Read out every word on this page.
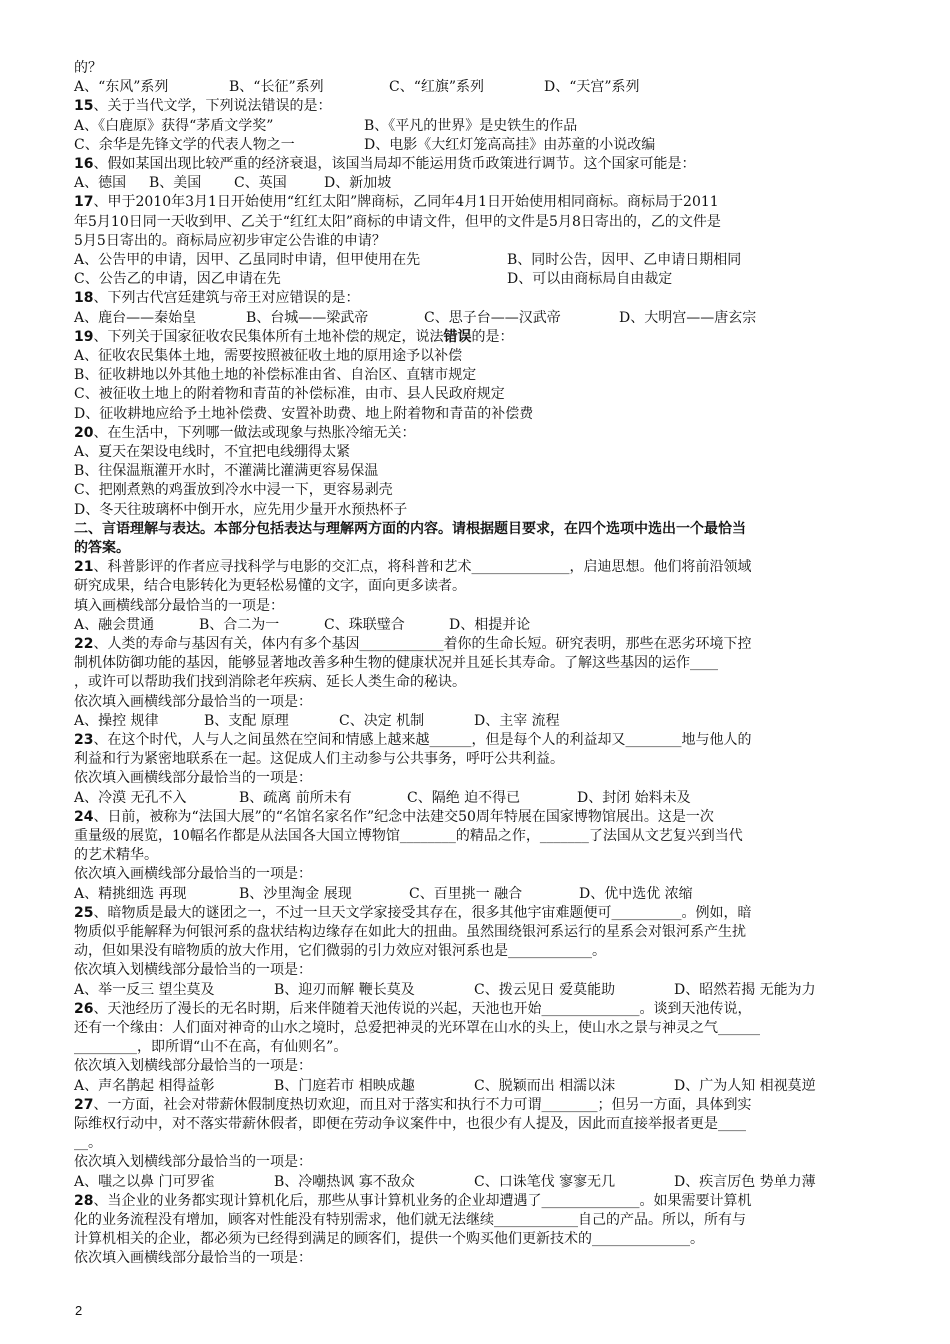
的？
A、“东风”系列	B、“长征”系列	C、“红旗”系列	D、“天宫”系列
15、关于当代文学，下列说法错误的是：
A、《白鹿原》获得“茅盾文学奖”	B、《平凡的世界》是史铁生的作品
C、余华是先锋文学的代表人物之一	D、电影《大红灯笼高高挂》由苏童的小说改编
16、假如某国出现比较严重的经济衰退，该国当局却不能运用货币政策进行调节。这个国家可能是：
A、德国 B、美国 C、英国	D、新加坡
17、甲于2010年3月1日开始使用“红红太阳”牌商标，乙同年4月1日开始使用相同商标。商标局于2011
年5月10日同一天收到甲、乙关于“红红太阳”商标的申请文件，但甲的文件是5月8日寄出的，乙的文件是
5月5日寄出的。商标局应初步审定公告谁的申请？
A、公告甲的申请，因甲、乙虽同时申请，但甲使用在先	B、同时公告，因甲、乙申请日期相同
C、公告乙的申请，因乙申请在先	D、可以由商标局自由裁定
18、下列古代宫廷建筑与帝王对应错误的是：
A、鹿台——秦始皇	B、台城——梁武帝	C、思子台——汉武帝	D、大明宫——唐玄宗
19、下列关于国家征收农民集体所有土地补偿的规定，说法错误的是：
A、征收农民集体土地，需要按照被征收土地的原用途予以补偿
B、征收耕地以外其他土地的补偿标准由省、自治区、直辖市规定
C、被征收土地上的附着物和青苗的补偿标准，由市、县人民政府规定
D、征收耕地应给予土地补偿费、安置补助费、地上附着物和青苗的补偿费
20、在生活中，下列哪一做法或现象与热胀冷缩无关：
A、夏天在架设电线时，不宜把电线绷得太紧
B、往保温瓶灌开水时，不灌满比灌满更容易保温
C、把刚煮熟的鸡蛋放到冷水中浸一下，更容易剥壳
D、冬天往玻璃杯中倒开水，应先用少量开水预热杯子
二、言语理解与表达。本部分包括表达与理解两方面的内容。请根据题目要求，在四个选项中选出一个最恰当
的答案。
21、科普影评的作者应寻找科学与电影的交汇点，将科普和艺术______________，启迪思想。他们将前沿领域
研究成果，结合电影转化为更轻松易懂的文字，面向更多读者。
填入画横线部分最恰当的一项是：
A、融会贯通	B、合二为一	C、珠联璧合	D、相提并论
22、人类的寿命与基因有关，体内有多个基因____________着你的生命长短。研究表明，那些在恶劣环境下控
制机体防御功能的基因，能够显著地改善多种生物的健康状况并且延长其寿命。了解这些基因的运作____
，或许可以帮助我们找到消除老年疾病、延长人类生命的秘诀。
依次填入画横线部分最恰当的一项是：
A、操控 规律	B、支配 原理	C、决定 机制	D、主宰 流程
23、在这个时代，人与人之间虽然在空间和情感上越来越______，但是每个人的利益却又________地与他人的
利益和行为紧密地联系在一起。这促成人们主动参与公共事务，呼吁公共利益。
依次填入画横线部分最恰当的一项是：
A、冷漠 无孔不入	B、疏离 前所未有	C、隔绝 迫不得已	D、封闭 始料未及
24、日前，被称为“法国大展”的“名馆名家名作”纪念中法建交50周年特展在国家博物馆展出。这是一次
重量级的展览，10幅名作都是从法国各大国立博物馆________的精品之作，_______了法国从文艺复兴到当代
的艺术精华。
依次填入画横线部分最恰当的一项是：
A、精挑细选 再现	B、沙里淘金 展现	C、百里挑一 融合	D、优中选优 浓缩
25、暗物质是最大的谜团之一，不过一旦天文学家接受其存在，很多其他宇宙难题便可__________。例如，暗
物质似乎能解释为何银河系的盘状结构边缘存在如此大的扭曲。虽然围绕银河系运行的星系会对银河系产生扰
动，但如果没有暗物质的放大作用，它们微弱的引力效应对银河系也是____________。
依次填入划横线部分最恰当的一项是：
A、举一反三 望尘莫及	B、迎刃而解 鞭长莫及	C、拨云见日 爱莫能助	D、昭然若揭 无能为力
26、天池经历了漫长的无名时期，后来伴随着天池传说的兴起，天池也开始______________。谈到天池传说，
还有一个缘由：人们面对神奇的山水之境时，总爱把神灵的光环罩在山水的头上，使山水之景与神灵之气______
_________，即所谓“山不在高，有仙则名”。
依次填入划横线部分最恰当的一项是：
A、声名鹊起 相得益彰	B、门庭若市 相映成趣	C、脱颖而出 相濡以沫	D、广为人知 相视莫逆
27、一方面，社会对带薪休假制度热切欢迎，而且对于落实和执行不力可谓________；但另一方面，具体到实
际维权行动中，对不落实带薪休假者，即便在劳动争议案件中，也很少有人提及，因此而直接举报者更是____
__。
依次填入划横线部分最恰当的一项是：
A、嗤之以鼻 门可罗雀	B、冷嘲热讽 寡不敌众	C、口诛笔伐 寥寥无几	D、疾言厉色 势单力薄
28、当企业的业务都实现计算机化后，那些从事计算机业务的企业却遭遇了______________。如果需要计算机
化的业务流程没有增加，顾客对性能没有特别需求，他们就无法继续____________自己的产品。所以，所有与
计算机相关的企业，都必须为已经得到满足的顾客们，提供一个购买他们更新技术的______________。
依次填入画横线部分最恰当的一项是：
2
